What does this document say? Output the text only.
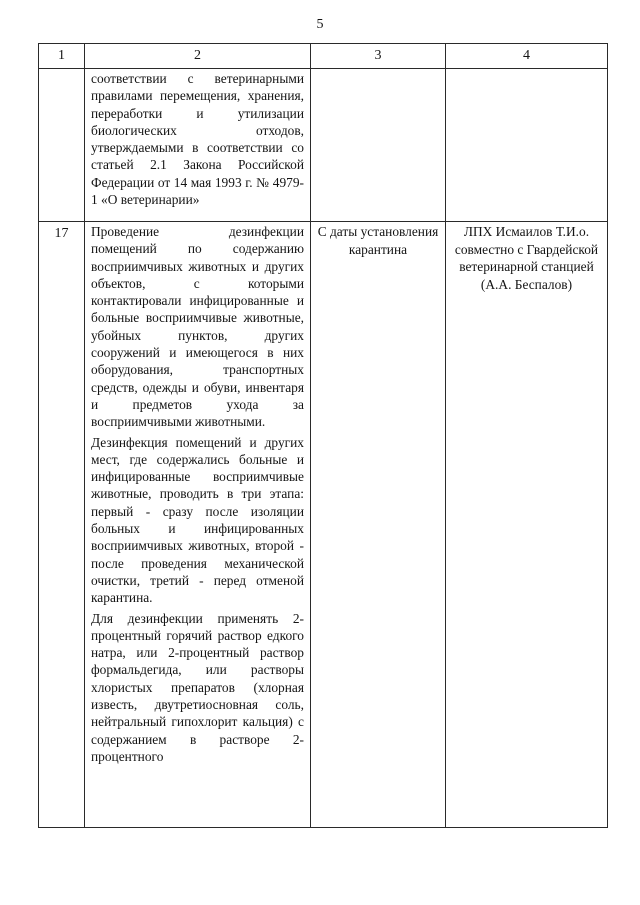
5
1	2	3	4

	соответствии с ветеринарными правилами перемещения, хранения, переработки и утилизации биологических отходов, утверждаемыми в соответствии со статьей 2.1 Закона Российской Федерации от 14 мая 1993 г. № 4979-1 «О ветеринарии»		

17	Проведение дезинфекции помещений по содержанию восприимчивых животных и других объектов, с которыми контактировали инфицированные и больные восприимчивые животные, убойных пунктов, других сооружений и имеющегося в них оборудования, транспортных средств, одежды и обуви, инвентаря и предметов ухода за восприимчивыми животными.

Дезинфекция помещений и других мест, где содержались больные и инфицированные восприимчивые животные, проводить в три этапа: первый - сразу после изоляции больных и инфицированных восприимчивых животных, второй - после проведения механической очистки, третий - перед отменой карантина.

Для дезинфекции применять 2-процентный горячий раствор едкого натра, или 2-процентный раствор формальдегида, или растворы хлористых препаратов (хлорная известь, двутретиосновная соль, нейтральный гипохлорит кальция) с содержанием в растворе 2-процентного	С даты установления карантина	ЛПХ Исмаилов Т.И.о. совместно с Гвардейской ветеринарной станцией (А.А. Беспалов)
